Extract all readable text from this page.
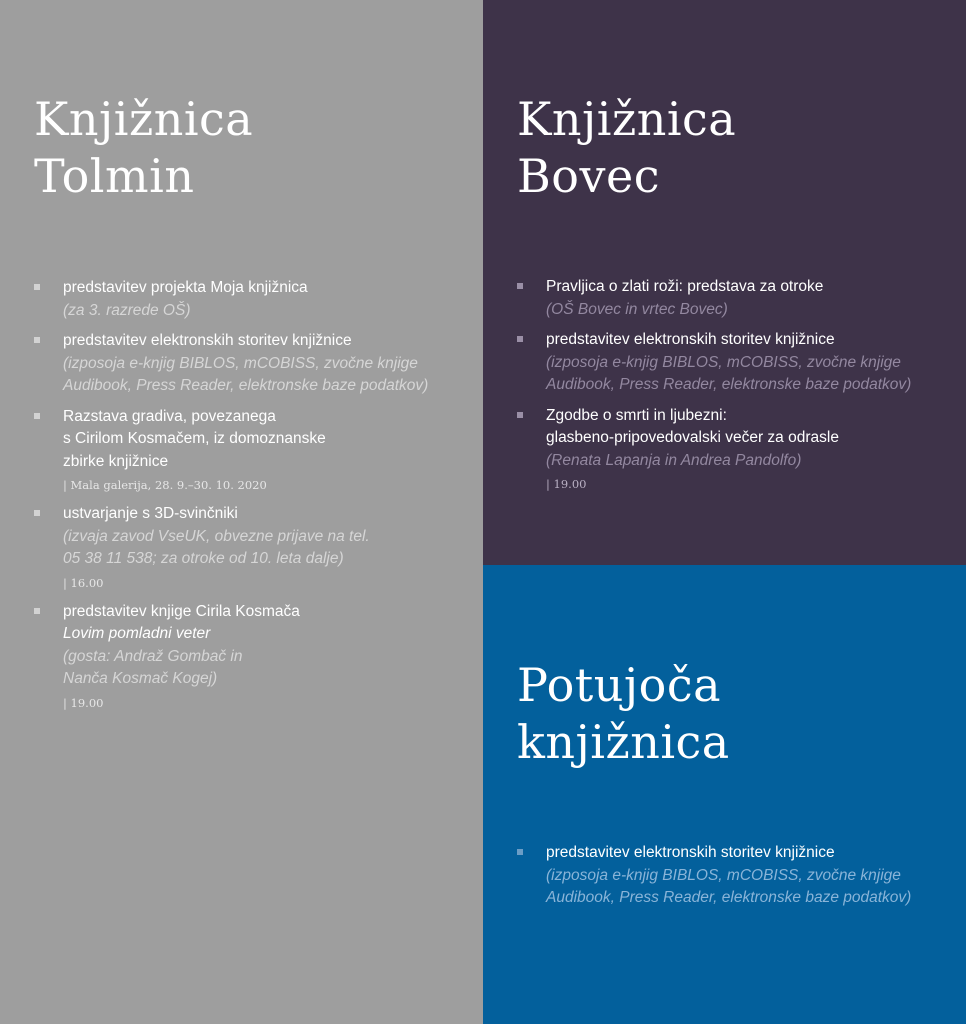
Knjižnica
Tolmin
predstavitev projekta Moja knjižnica
(za 3. razrede OŠ)
predstavitev elektronskih storitev knjižnice
(izposoja e-knjig BIBLOS, mCOBISS, zvočne knjige Audibook, Press Reader, elektronske baze podatkov)
Razstava gradiva, povezanega
s Cirilom Kosmačem, iz domoznanske
zbirke knjižnice
| Mala galerija, 28. 9.–30. 10. 2020
ustvarjanje s 3D-svinčniki
(izvaja zavod VseUK, obvezne prijave na tel.
05 38 11 538; za otroke od 10. leta dalje)
| 16.00
predstavitev knjige Cirila Kosmača
Lovim pomladni veter
(gosta: Andraž Gombač in
Nanča Kosmač Kogej)
| 19.00
Knjižnica
Bovec
Pravljica o zlati roži: predstava za otroke
(OŠ Bovec in vrtec Bovec)
predstavitev elektronskih storitev knjižnice
(izposoja e-knjig BIBLOS, mCOBISS, zvočne knjige Audibook, Press Reader, elektronske baze podatkov)
Zgodbe o smrti in ljubezni:
glasbeno-pripovedovalski večer za odrasle
(Renata Lapanja in Andrea Pandolfo)
| 19.00
Potujoča
knjižnica
predstavitev elektronskih storitev knjižnice
(izposoja e-knjig BIBLOS, mCOBISS, zvočne knjige Audibook, Press Reader, elektronske baze podatkov)
